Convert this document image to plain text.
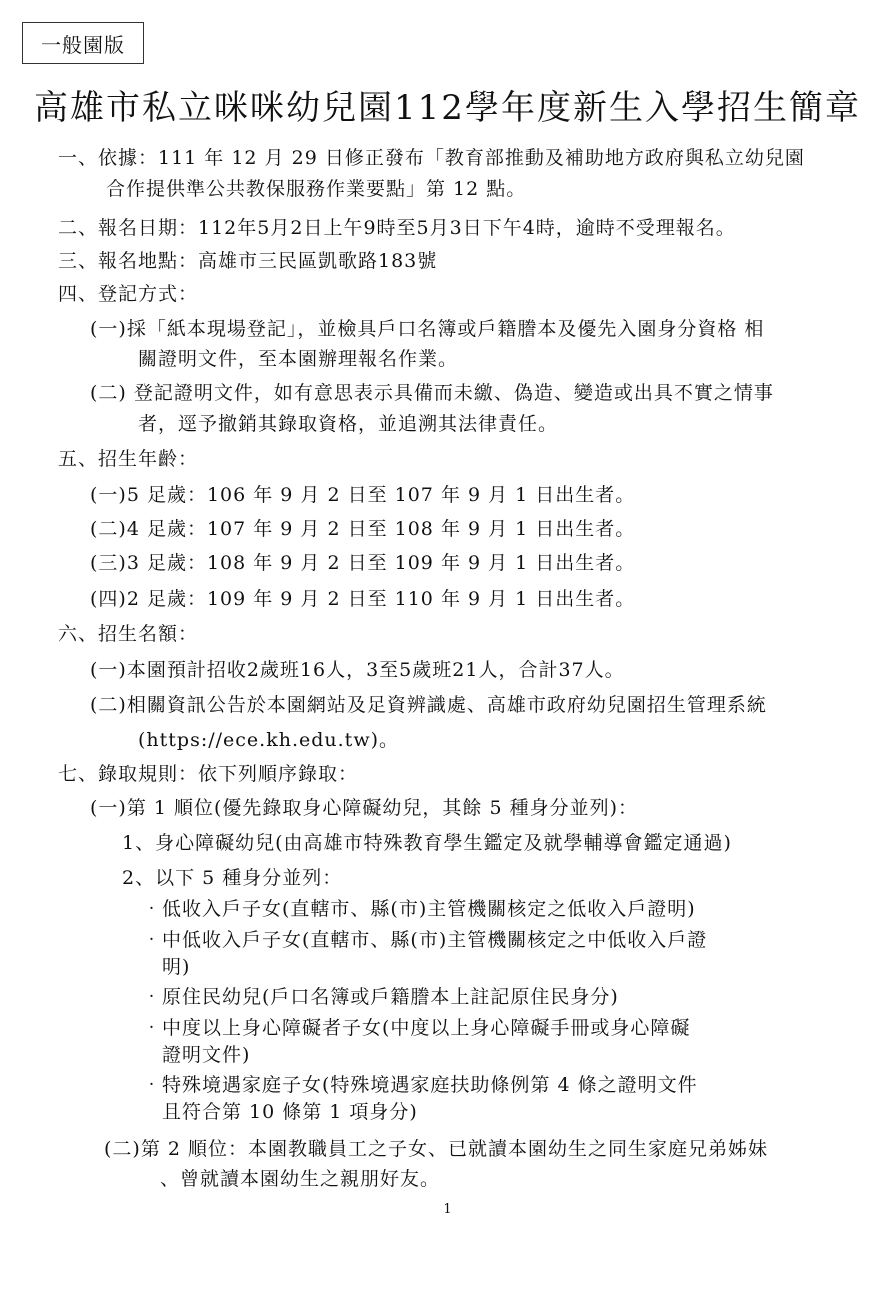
一般園版
高雄市私立咪咪幼兒園112學年度新生入學招生簡章
一、依據：111 年 12 月 29 日修正發布「教育部推動及補助地方政府與私立幼兒園
合作提供準公共教保服務作業要點」第 12 點。
二、報名日期：112年5月2日上午9時至5月3日下午4時，逾時不受理報名。
三、報名地點：高雄市三民區凱歌路183號
四、登記方式：
(一)採「紙本現場登記」，並檢具戶口名簿或戶籍謄本及優先入園身分資格 相
關證明文件，至本園辦理報名作業。
(二) 登記證明文件，如有意思表示具備而未繳、偽造、變造或出具不實之情事
者，逕予撤銷其錄取資格，並追溯其法律責任。
五、招生年齡：
(一)5 足歲：106 年 9 月 2 日至 107 年 9 月 1 日出生者。
(二)4 足歲：107 年 9 月 2 日至 108 年 9 月 1 日出生者。
(三)3 足歲：108 年 9 月 2 日至 109 年 9 月 1 日出生者。
(四)2 足歲：109 年 9 月 2 日至 110 年 9 月 1 日出生者。
六、招生名額：
(一)本園預計招收2歲班16人，3至5歲班21人，合計37人。
(二)相關資訊公告於本園網站及足資辨識處、高雄市政府幼兒園招生管理系統
(https://ece.kh.edu.tw)。
七、錄取規則：依下列順序錄取：
(一)第 1 順位(優先錄取身心障礙幼兒，其餘 5 種身分並列)：
1、身心障礙幼兒(由高雄市特殊教育學生鑑定及就學輔導會鑑定通過)
2、以下 5 種身分並列：
‧低收入戶子女(直轄市、縣(市)主管機關核定之低收入戶證明)
‧中低收入戶子女(直轄市、縣(市)主管機關核定之中低收入戶證
明)
‧原住民幼兒(戶口名簿或戶籍謄本上註記原住民身分)
‧中度以上身心障礙者子女(中度以上身心障礙手冊或身心障礙
證明文件)
‧特殊境遇家庭子女(特殊境遇家庭扶助條例第 4 條之證明文件
且符合第 10 條第 1 項身分)
(二)第 2 順位：本園教職員工之子女、已就讀本園幼生之同生家庭兄弟姊妹
、曾就讀本園幼生之親朋好友。
1
